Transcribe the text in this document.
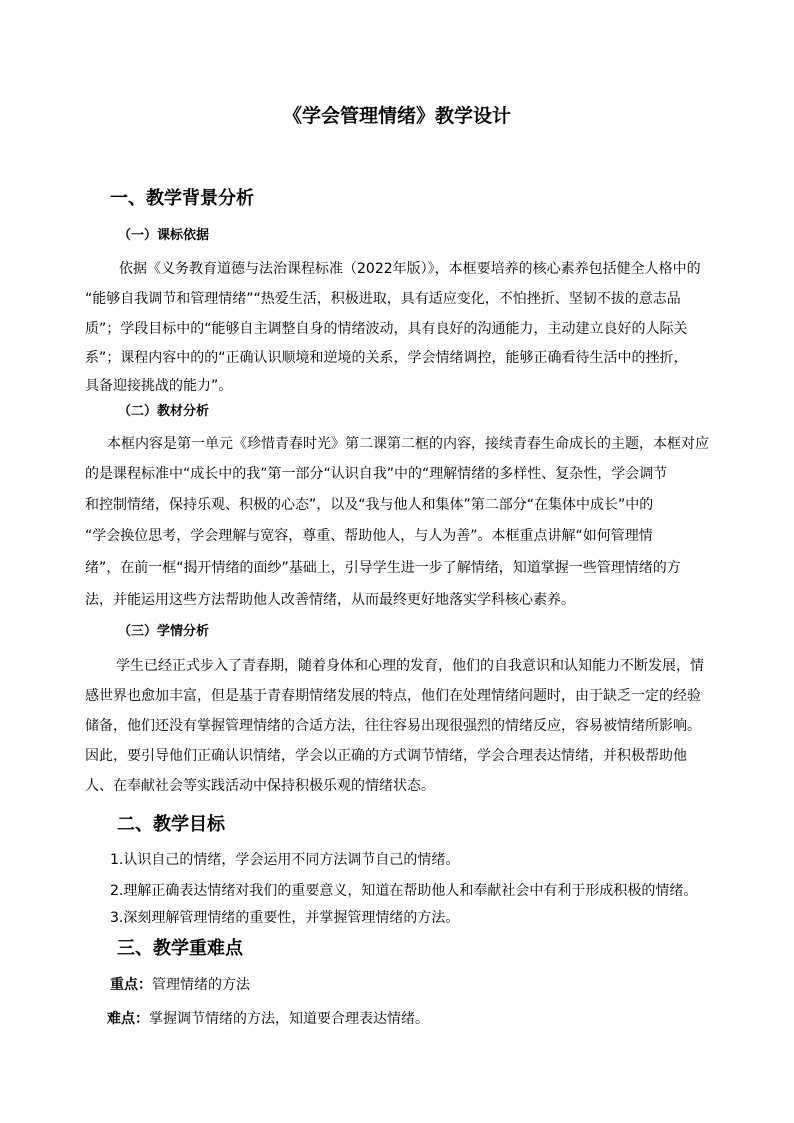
《学会管理情绪》教学设计
一、教学背景分析
（一）课标依据
依据《义务教育道德与法治课程标准（2022年版）》，本框要培养的核心素养包括健全人格中的
“能够自我调节和管理情绪”“热爱生活，积极进取，具有适应变化，不怕挫折、坚韧不拔的意志品
质”；学段目标中的“能够自主调整自身的情绪波动，具有良好的沟通能力，主动建立良好的人际关
系”；课程内容中的的“正确认识顺境和逆境的关系，学会情绪调控，能够正确看待生活中的挫折，
具备迎接挑战的能力”。
（二）教材分析
本框内容是第一单元《珍惜青春时光》第二课第二框的内容，接续青春生命成长的主题，本框对应
的是课程标准中“成长中的我”第一部分“认识自我”中的“理解情绪的多样性、复杂性，学会调节
和控制情绪，保持乐观、积极的心态”，以及“我与他人和集体”第二部分“在集体中成长”中的
“学会换位思考，学会理解与宽容，尊重、帮助他人，与人为善”。本框重点讲解“如何管理情
绪”，在前一框“揭开情绪的面纱”基础上，引导学生进一步了解情绪，知道掌握一些管理情绪的方
法，并能运用这些方法帮助他人改善情绪，从而最终更好地落实学科核心素养。
（三）学情分析
学生已经正式步入了青春期，随着身体和心理的发育，他们的自我意识和认知能力不断发展，情
感世界也愈加丰富，但是基于青春期情绪发展的特点，他们在处理情绪问题时，由于缺乏一定的经验
储备，他们还没有掌握管理情绪的合适方法，往往容易出现很强烈的情绪反应，容易被情绪所影响。
因此，要引导他们正确认识情绪，学会以正确的方式调节情绪，学会合理表达情绪，并积极帮助他
人、在奉献社会等实践活动中保持积极乐观的情绪状态。
二、教学目标
1.认识自己的情绪，学会运用不同方法调节自己的情绪。
2.理解正确表达情绪对我们的重要意义，知道在帮助他人和奉献社会中有利于形成积极的情绪。
3.深刻理解管理情绪的重要性，并掌握管理情绪的方法。
三、教学重难点
重点：管理情绪的方法
难点：掌握调节情绪的方法，知道要合理表达情绪。
